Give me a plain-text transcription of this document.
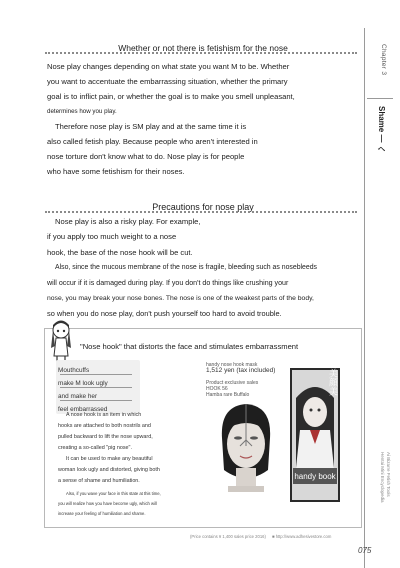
Chapter 3
Shame — ヘ
Ai Bizarre Fetish Tools
Hentai Mini Encyclopedia
Whether or not there is fetishism for the nose

Nose play changes depending on what state you want M to be. Whether
you want to accentuate the embarrassing situation, whether the primary
goal is to inflict pain, or whether the goal is to make you smell unpleasant,
determines how you play.
Therefore nose play is SM play and at the same time it is
also called fetish play. Because people who aren't interested in
nose torture don't know what to do. Nose play is for people
who have some fetishism for their noses.

Precautions for nose play

Nose play is also a risky play. For example,
if you apply too much weight to a nose
hook, the base of the nose hook will be cut.
Also, since the mucous membrane of the nose is fragile, bleeding such as nosebleeds
will occur if it is damaged during play. If you don't do things like crushing your
nose, you may break your nose bones. The nose is one of the weakest parts of the body,
so when you do nose play, don't push yourself too hard to avoid trouble.

"Nose hook" that distorts the face and stimulates embarrassment

Mouthcuffs
make M look ugly
and make her
feel embarrassed

A nose hook is an item in which
hooks are attached to both nostrils and
pulled backward to lift the nose upward,
creating a so-called "pig nose".
It can be used to make any beautiful
woman look ugly and distorted, giving both
a sense of shame and humiliation.

Also, if you wave your face in this state at this time,
you will realize how you have become ugly, which will
increase your feeling of humiliation and shame.

handy nose hook mask
1,512 yen (tax included)
Product exclusive sales
HOOK 56
Hamba rare Buffalo
handy book
美顔美
(Price contains ¥ 1,400 sales price 2016) ■ http://www.adhesivestore.com
075
